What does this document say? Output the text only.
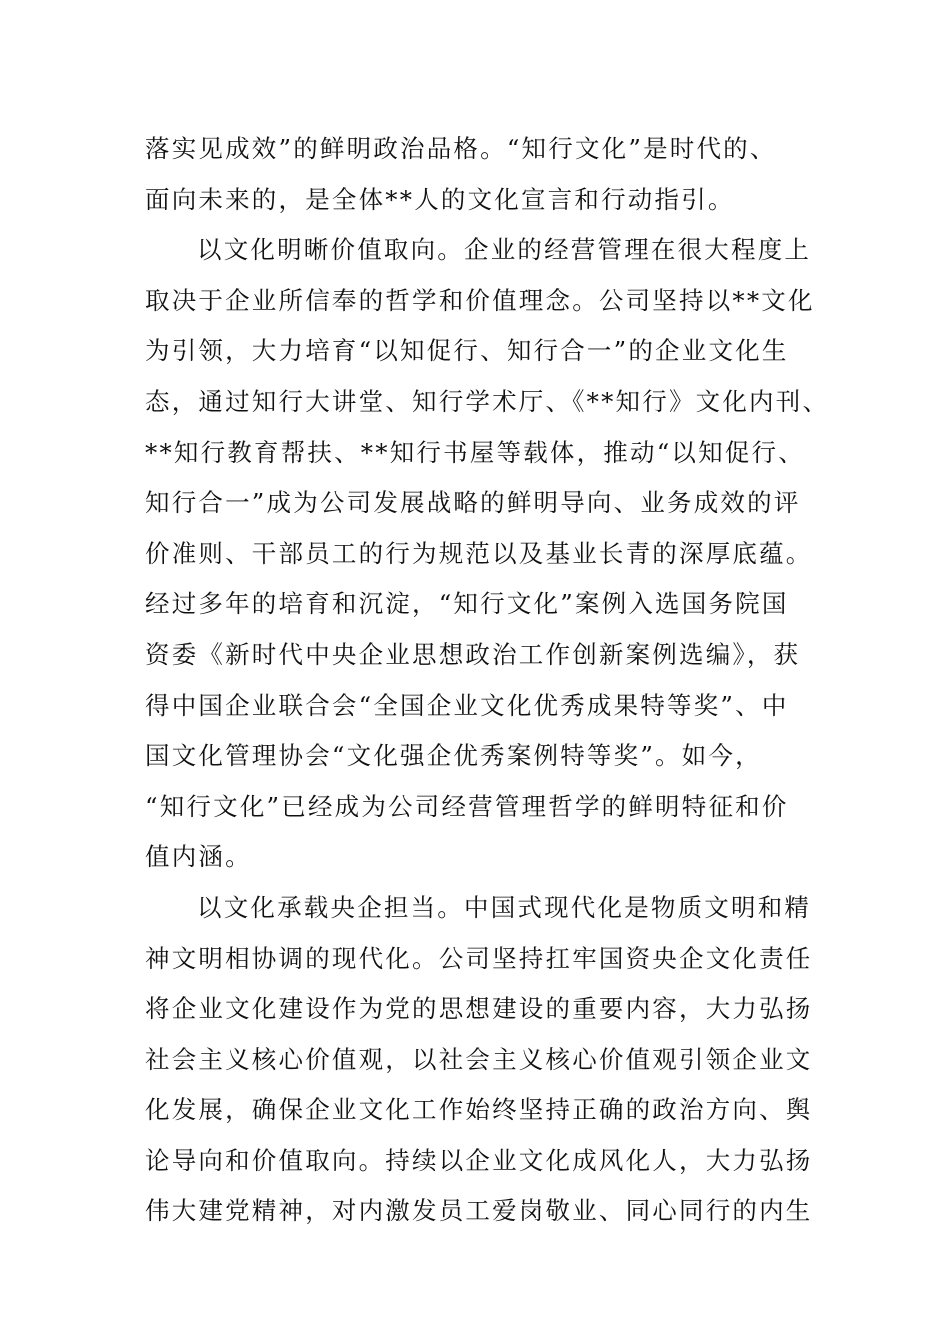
落实见成效”的鲜明政治品格。“知行文化”是时代的、
面向未来的，是全体**人的文化宣言和行动指引。
以文化明晰价值取向。企业的经营管理在很大程度上
取决于企业所信奉的哲学和价值理念。公司坚持以**文化
为引领，大力培育“以知促行、知行合一”的企业文化生
态，通过知行大讲堂、知行学术厅、《**知行》文化内刊、
**知行教育帮扶、**知行书屋等载体，推动“以知促行、
知行合一”成为公司发展战略的鲜明导向、业务成效的评
价准则、干部员工的行为规范以及基业长青的深厚底蕴。
经过多年的培育和沉淀，“知行文化”案例入选国务院国
资委《新时代中央企业思想政治工作创新案例选编》，获
得中国企业联合会“全国企业文化优秀成果特等奖”、中
国文化管理协会“文化强企优秀案例特等奖”。如今，
“知行文化”已经成为公司经营管理哲学的鲜明特征和价
值内涵。
以文化承载央企担当。中国式现代化是物质文明和精
神文明相协调的现代化。公司坚持扛牢国资央企文化责任
将企业文化建设作为党的思想建设的重要内容，大力弘扬
社会主义核心价值观，以社会主义核心价值观引领企业文
化发展，确保企业文化工作始终坚持正确的政治方向、舆
论导向和价值取向。持续以企业文化成风化人，大力弘扬
伟大建党精神，对内激发员工爱岗敬业、同心同行的内生
